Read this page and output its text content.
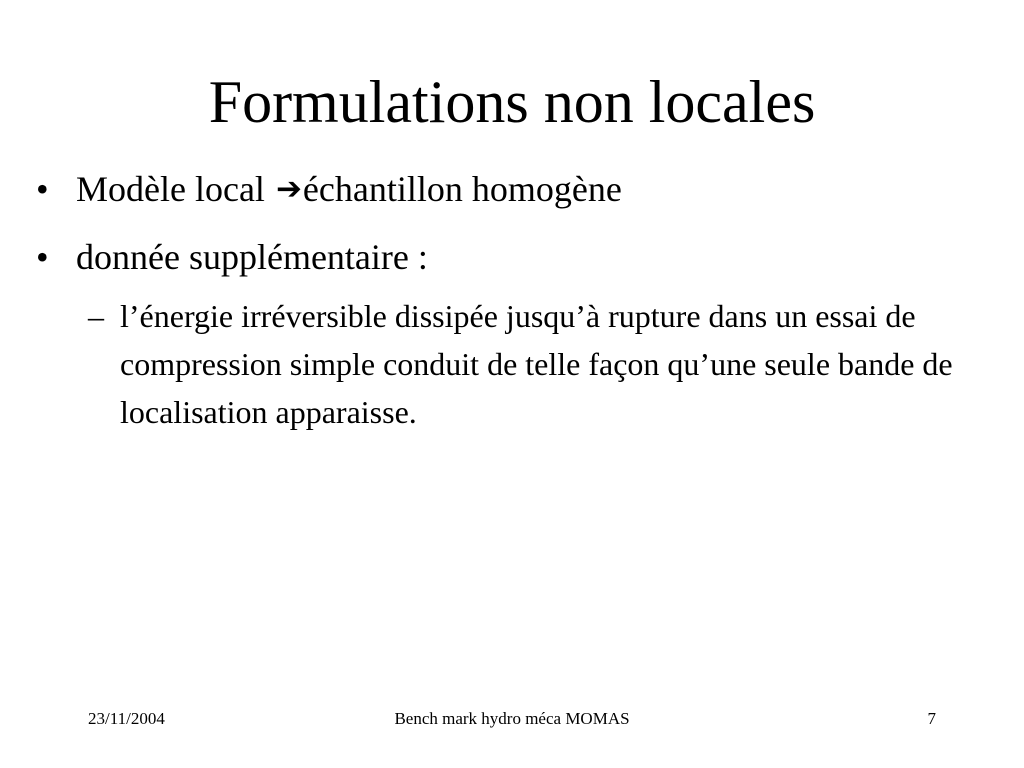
Formulations non locales
• Modèle local ➔échantillon homogène
• donnée supplémentaire :
– l’énergie irréversible dissipée jusqu’à rupture dans un essai de compression simple conduit de telle façon qu’une seule bande de localisation apparaisse.
23/11/2004	Bench mark hydro méca MOMAS	7
